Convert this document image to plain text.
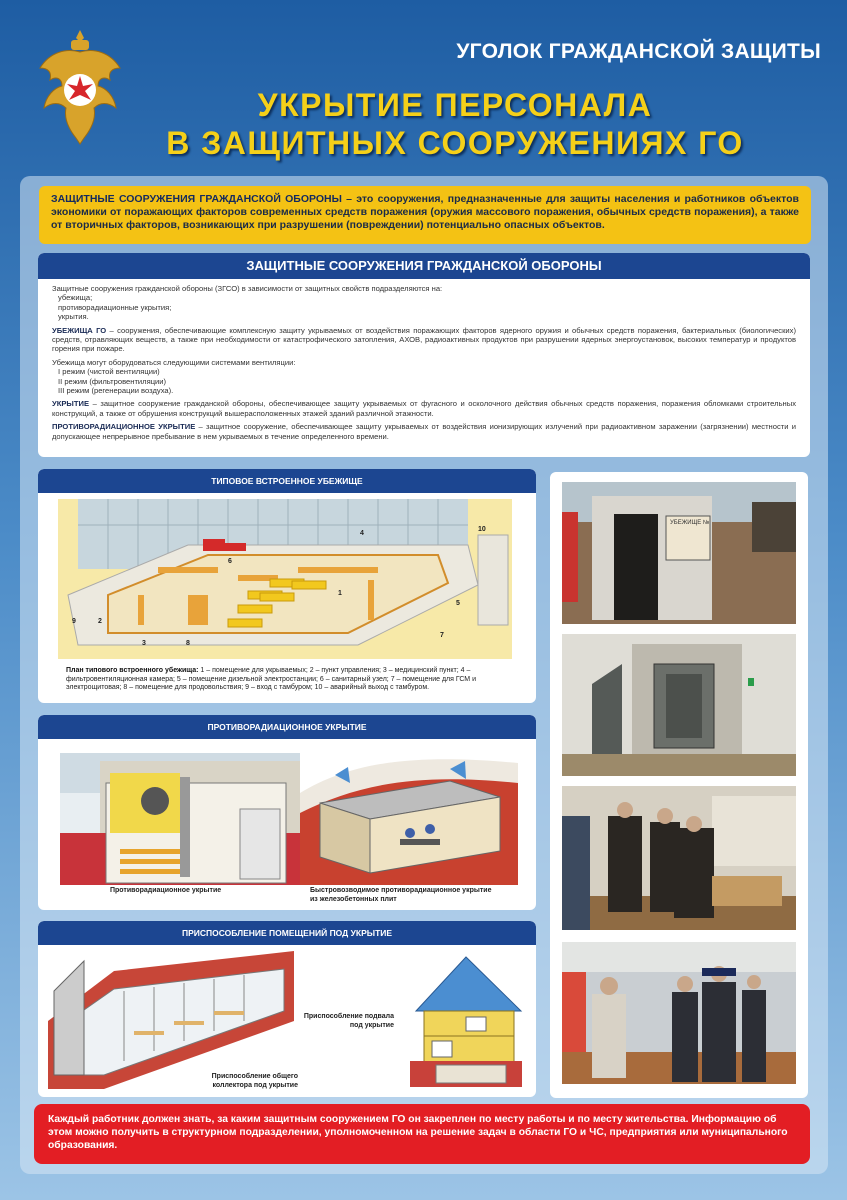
УГОЛОК ГРАЖДАНСКОЙ ЗАЩИТЫ
УКРЫТИЕ ПЕРСОНАЛА
В ЗАЩИТНЫХ СООРУЖЕНИЯХ ГО
ЗАЩИТНЫЕ СООРУЖЕНИЯ ГРАЖДАНСКОЙ ОБОРОНЫ – это сооружения, предназначенные для защиты населения и работников объектов экономики от поражающих факторов современных средств поражения (оружия массового поражения, обычных средств поражения), а также от вторичных факторов, возникающих при разрушении (повреждении) потенциально опасных объектов.
ЗАЩИТНЫЕ СООРУЖЕНИЯ ГРАЖДАНСКОЙ ОБОРОНЫ

Защитные сооружения гражданской обороны (ЗГСО) в зависимости от защитных свойств подразделяются на:
убежища;
противорадиационные укрытия;
укрытия.

УБЕЖИЩА ГО – сооружения, обеспечивающие комплексную защиту укрываемых от воздействия поражающих факторов ядерного оружия и обычных средств поражения, бактериальных (биологических) средств, отравляющих веществ, а также при необходимости от катастрофического затопления, АХОВ, радиоактивных продуктов при разрушении ядерных энергоустановок, высоких температур и продуктов горения при пожаре.

Убежища могут оборудоваться следующими системами вентиляции:
I режим (чистой вентиляции)
II режим (фильтровентиляции)
III режим (регенерации воздуха).

УКРЫТИЕ – защитное сооружение гражданской обороны, обеспечивающее защиту укрываемых от фугасного и осколочного действия обычных средств поражения, поражения обломками строительных конструкций, а также от обрушения конструкций вышерасположенных этажей зданий различной этажности.

ПРОТИВОРАДИАЦИОННОЕ УКРЫТИЕ – защитное сооружение, обеспечивающее защиту укрываемых от воздействия ионизирующих излучений при радиоактивном заражении (загрязнении) местности и допускающее непрерывное пребывание в нем укрываемых в течение определенного времени.

ТИПОВОЕ ВСТРОЕННОЕ УБЕЖИЩЕ
1
2
3
4
5
6
7
8
9
10
План типового встроенного убежища: 1 – помещение для укрываемых; 2 – пункт управления; 3 – медицинский пункт; 4 – фильтровентиляционная камера; 5 – помещение дизельной электростанции; 6 – санитарный узел; 7 – помещение для ГСМ и электрощитовая; 8 – помещение для продовольствия; 9 – вход с тамбуром; 10 – аварийный выход с тамбуром.
ПРОТИВОРАДИАЦИОННОЕ УКРЫТИЕ
Противорадиационное укрытие	Быстровозводимое противорадиационное укрытие
из железобетонных плит
ПРИСПОСОБЛЕНИЕ ПОМЕЩЕНИЙ ПОД УКРЫТИЕ
Приспособление подвала
под укрытие
Приспособление общего
коллектора под укрытие
УБЕЖИЩЕ №
Каждый работник должен знать, за каким защитным сооружением ГО он закреплен по месту работы и по месту жительства. Информацию об этом можно получить в структурном подразделении, уполномоченном на решение задач в области ГО и ЧС, предприятия или муниципального образования.
